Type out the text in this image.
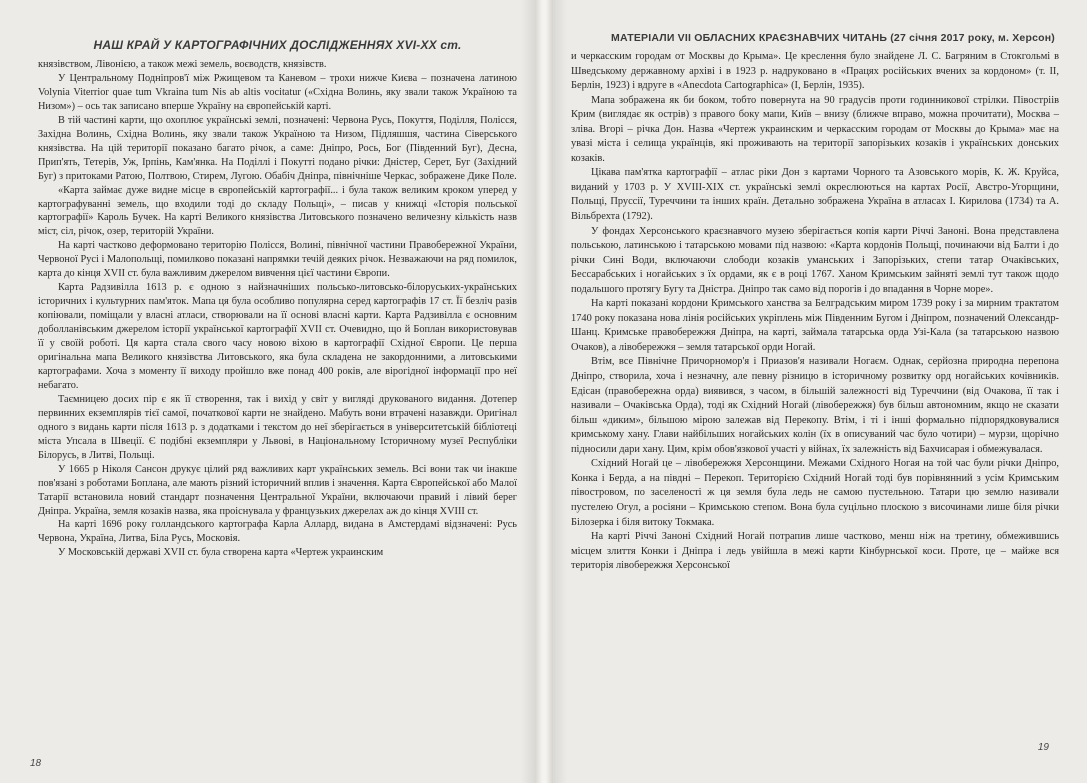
НАШ КРАЙ У КАРТОГРАФІЧНИХ ДОСЛІДЖЕННЯХ XVI-XX ст.

князівством, Лівонією, а також межі земель, воєводств, князівств.

У Центральному Подніпров'ї між Ржищевом та Каневом – трохи нижче Києва – позначена латиною Volynia Viterrior quae tum Vkraina tum Nis ab altis vocitatur («Східна Волинь, яку звали також Україною та Низом») – ось так записано вперше Україну на європейській карті.

В тій частині карти, що охоплює українські землі, позначені: Червона Русь, Покуття, Поділля, Полісся, Західна Волинь, Східна Волинь, яку звали також Україною та Низом, Підляшшя, частина Сіверського князівства. На цій території показано багато річок, а саме: Дніпро, Рось, Бог (Південний Буг), Десна, Прип'ять, Тетерів, Уж, Ірпінь, Кам'янка. На Поділлі і Покутті подано річки: Дністер, Серет, Буг (Західний Буг) з притоками Ратою, Полтвою, Стирем, Лугою. Обабіч Дніпра, північніше Черкас, зображене Дике Поле.

«Карта займає дуже видне місце в європейській картографії... і була також великим кроком уперед у картографуванні земель, що входили тоді до складу Польщі», – писав у книжці «Історія польської картографії» Кароль Бучек. На карті Великого князівства Литовського позначено величезну кількість назв міст, сіл, річок, озер, територій України.

На карті частково деформовано територію Полісся, Волині, північної частини Правобережної України, Червоної Русі і Малопольщі, помилково показані напрямки течій деяких річок. Незважаючи на ряд помилок, карта до кінця XVII ст. була важливим джерелом вивчення цієї частини Європи.

Карта Радзивілла 1613 р. є одною з найзначніших польсько-литовсько-білоруських-українських історичних і культурних пам'яток. Мапа ця була особливо популярна серед картографів 17 ст. Її безліч разів копіювали, поміщали у власні атласи, створювали на її основі власні карти. Карта Радзивілла є основним доболланівським джерелом історії української картографії XVII ст. Очевидно, що й Боплан використовував її у своїй роботі. Ця карта стала свого часу новою віхою в картографії Східної Європи. Це перша оригінальна мапа Великого князівства Литовського, яка була складена не закордонними, а литовськими картографами. Хоча з моменту її виходу пройшло вже понад 400 років, але вірогідної інформації про неї небагато.

Таємницею досих пір є як її створення, так і вихід у світ у вигляді друкованого видання. Дотепер первинних екземплярів тієї самої, початкової карти не знайдено. Мабуть вони втрачені назавжди. Оригінал одного з видань карти після 1613 р. з додатками і текстом до неї зберігається в університетській бібліотеці міста Упсала в Швеції. Є подібні екземпляри у Львові, в Національному Історичному музеї Республіки Білорусь, в Литві, Польщі.

У 1665 р Ніколя Сансон друкує цілий ряд важливих карт українських земель. Всі вони так чи інакше пов'язані з роботами Боплана, але мають різний історичний вплив і значення. Карта Європейської або Малої Татарії встановила новий стандарт позначення Центральної України, включаючи правий і лівий берег Дніпра. Україна, земля козаків назва, яка проіснувала у французьких джерелах аж до кінця XVIII ст.

На карті 1696 року голландського картографа Карла Аллард, видана в Амстердамі відзначені: Русь Червона, Україна, Литва, Біла Русь, Московія.

У Московській державі XVII ст. була створена карта «Чертеж украинским

18
МАТЕРІАЛИ VII ОБЛАСНИХ КРАЄЗНАВЧИХ ЧИТАНЬ (27 січня 2017 року, м. Херсон)

и черкасским городам от Москвы до Крыма». Це креслення було знайдене Л. С. Багряним в Стокгольмі в Шведському державному архіві і в 1923 р. надруковано в «Працях російських вчених за кордоном» (т. ІІ, Берлін, 1923) і вдруге в «Anecdota Cartographica» (І, Берлін, 1935).

Мапа зображена як би боком, тобто повернута на 90 градусів проти годинникової стрілки. Півостріів Крим (виглядає як острів) з правого боку мапи, Київ – внизу (ближче вправо, можна прочитати), Москва – зліва. Вгорі – річка Дон. Назва «Чертеж украинским и черкасским городам от Москвы до Крыма» має на увазі міста і селища українців, які проживають на території запорізьких козаків і українських донських козаків.

Цікава пам'ятка картографії – атлас ріки Дон з картами Чорного та Азовського морів, К. Ж. Круйса, виданий у 1703 р. У XVIII-XIX ст. українські землі окреслюються на картах Росії, Австро-Угорщини, Польщі, Пруссії, Туреччини та інших країн. Детально зображена Україна в атласах І. Кирилова (1734) та А. Вільбрехта (1792).

У фондах Херсонського краєзнавчого музею зберігається копія карти Річчі Заноні. Вона представлена польською, латинською і татарською мовами під назвою: «Карта кордонів Польщі, починаючи від Балти і до річки Сині Води, включаючи слободи козаків уманських і Запорізьких, степи татар Очаківських, Бессарабських і ногайських з їх ордами, як є в році 1767. Ханом Кримським зайняті землі тут також щодо подальшого протягу Бугу та Дністра. Дніпро так само від порогів і до впадання в Чорне море».

На карті показані кордони Кримського ханства за Белградським миром 1739 року і за мирним трактатом 1740 року показана нова лінія російських укріплень між Південним Бугом і Дніпром, позначений Олександр-Шанц. Кримське правобережжя Дніпра, на карті, займала татарська орда Узі-Кала (за татарською назвою Очаков), а лівобережжя – земля татарської орди Ногай.

Втім, все Північне Причорномор'я і Приазов'я називали Ногаєм. Однак, серйозна природна перепона Дніпро, створила, хоча і незначну, але певну різницю в історичному розвитку орд ногайських кочівників. Едісан (правобережна орда) виявився, з часом, в більшій залежності від Туреччини (від Очакова, її так і називали – Очаківська Орда), тоді як Східний Ногай (лівобережжя) був більш автономним, якщо не сказати більш «диким», більшою мірою залежав від Перекопу. Втім, і ті і інші формально підпорядковувалися кримському хану. Глави найбільших ногайських колін (їх в описуваний час було чотири) – мурзи, щорічно підносили дари хану. Цим, крім обов'язкової участі у війнах, їх залежність від Бахчисарая і обмежувалася.

Східний Ногай це – лівобережжя Херсонщини. Межами Східного Ногая на той час були річки Дніпро, Конка і Берда, а на півдні – Перекоп. Територією Східний Ногай тоді був порівнянний з усім Кримським півостровом, по заселеності ж ця земля була ледь не самою пустельною. Татари цю землю називали пустелею Огул, а росіяни – Кримською степом. Вона була суцільно плоскою з височинами лише біля річки Білозерка і біля витоку Токмака.

На карті Річчі Заноні Східний Ногай потрапив лише частково, менш ніж на третину, обмежившись місцем злиття Конки і Дніпра і ледь увійшла в межі карти Кінбурнської коси. Проте, це – майже вся територія лівобережжя Херсонської

19
